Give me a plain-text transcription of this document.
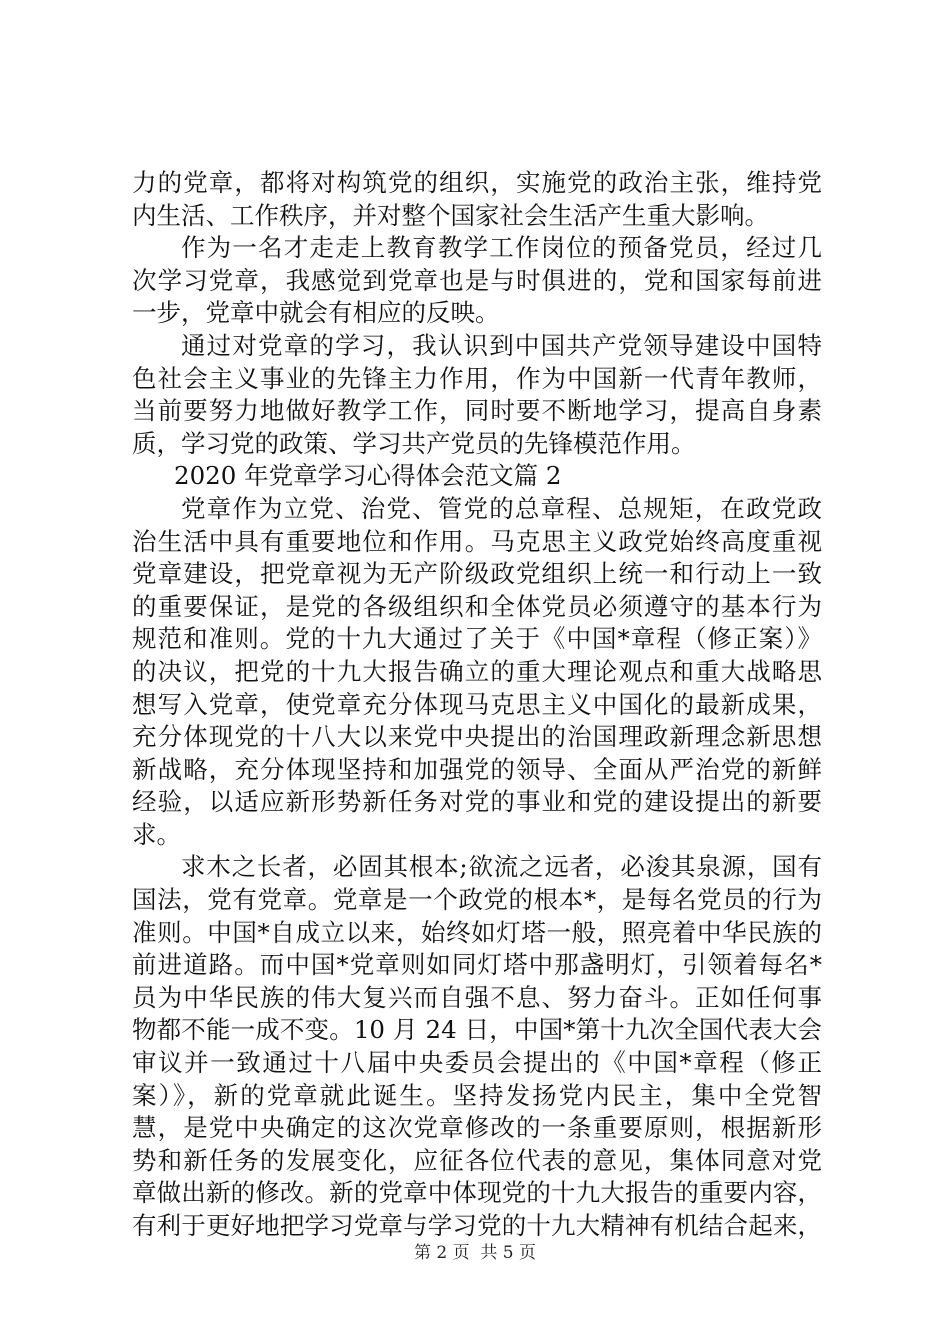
力的党章，都将对构筑党的组织，实施党的政治主张，维持党
内生活、工作秩序，并对整个国家社会生活产生重大影响。
作为一名才走走上教育教学工作岗位的预备党员，经过几
次学习党章，我感觉到党章也是与时俱进的，党和国家每前进
一步，党章中就会有相应的反映。
通过对党章的学习，我认识到中国共产党领导建设中国特
色社会主义事业的先锋主力作用，作为中国新一代青年教师，
当前要努力地做好教学工作，同时要不断地学习，提高自身素
质，学习党的政策、学习共产党员的先锋模范作用。
2020 年党章学习心得体会范文篇 2
党章作为立党、治党、管党的总章程、总规矩，在政党政
治生活中具有重要地位和作用。马克思主义政党始终高度重视
党章建设，把党章视为无产阶级政党组织上统一和行动上一致
的重要保证，是党的各级组织和全体党员必须遵守的基本行为
规范和准则。党的十九大通过了关于《中国*章程（修正案）》
的决议，把党的十九大报告确立的重大理论观点和重大战略思
想写入党章，使党章充分体现马克思主义中国化的最新成果，
充分体现党的十八大以来党中央提出的治国理政新理念新思想
新战略，充分体现坚持和加强党的领导、全面从严治党的新鲜
经验，以适应新形势新任务对党的事业和党的建设提出的新要
求。
求木之长者，必固其根本;欲流之远者，必浚其泉源，国有
国法，党有党章。党章是一个政党的根本*，是每名党员的行为
准则。中国*自成立以来，始终如灯塔一般，照亮着中华民族的
前进道路。而中国*党章则如同灯塔中那盏明灯，引领着每名*
员为中华民族的伟大复兴而自强不息、努力奋斗。正如任何事
物都不能一成不变。10 月 24 日，中国*第十九次全国代表大会
审议并一致通过十八届中央委员会提出的《中国*章程（修正
案）》，新的党章就此诞生。坚持发扬党内民主，集中全党智
慧，是党中央确定的这次党章修改的一条重要原则，根据新形
势和新任务的发展变化，应征各位代表的意见，集体同意对党
章做出新的修改。新的党章中体现党的十九大报告的重要内容，
有利于更好地把学习党章与学习党的十九大精神有机结合起来，
第 2 页  共 5 页
